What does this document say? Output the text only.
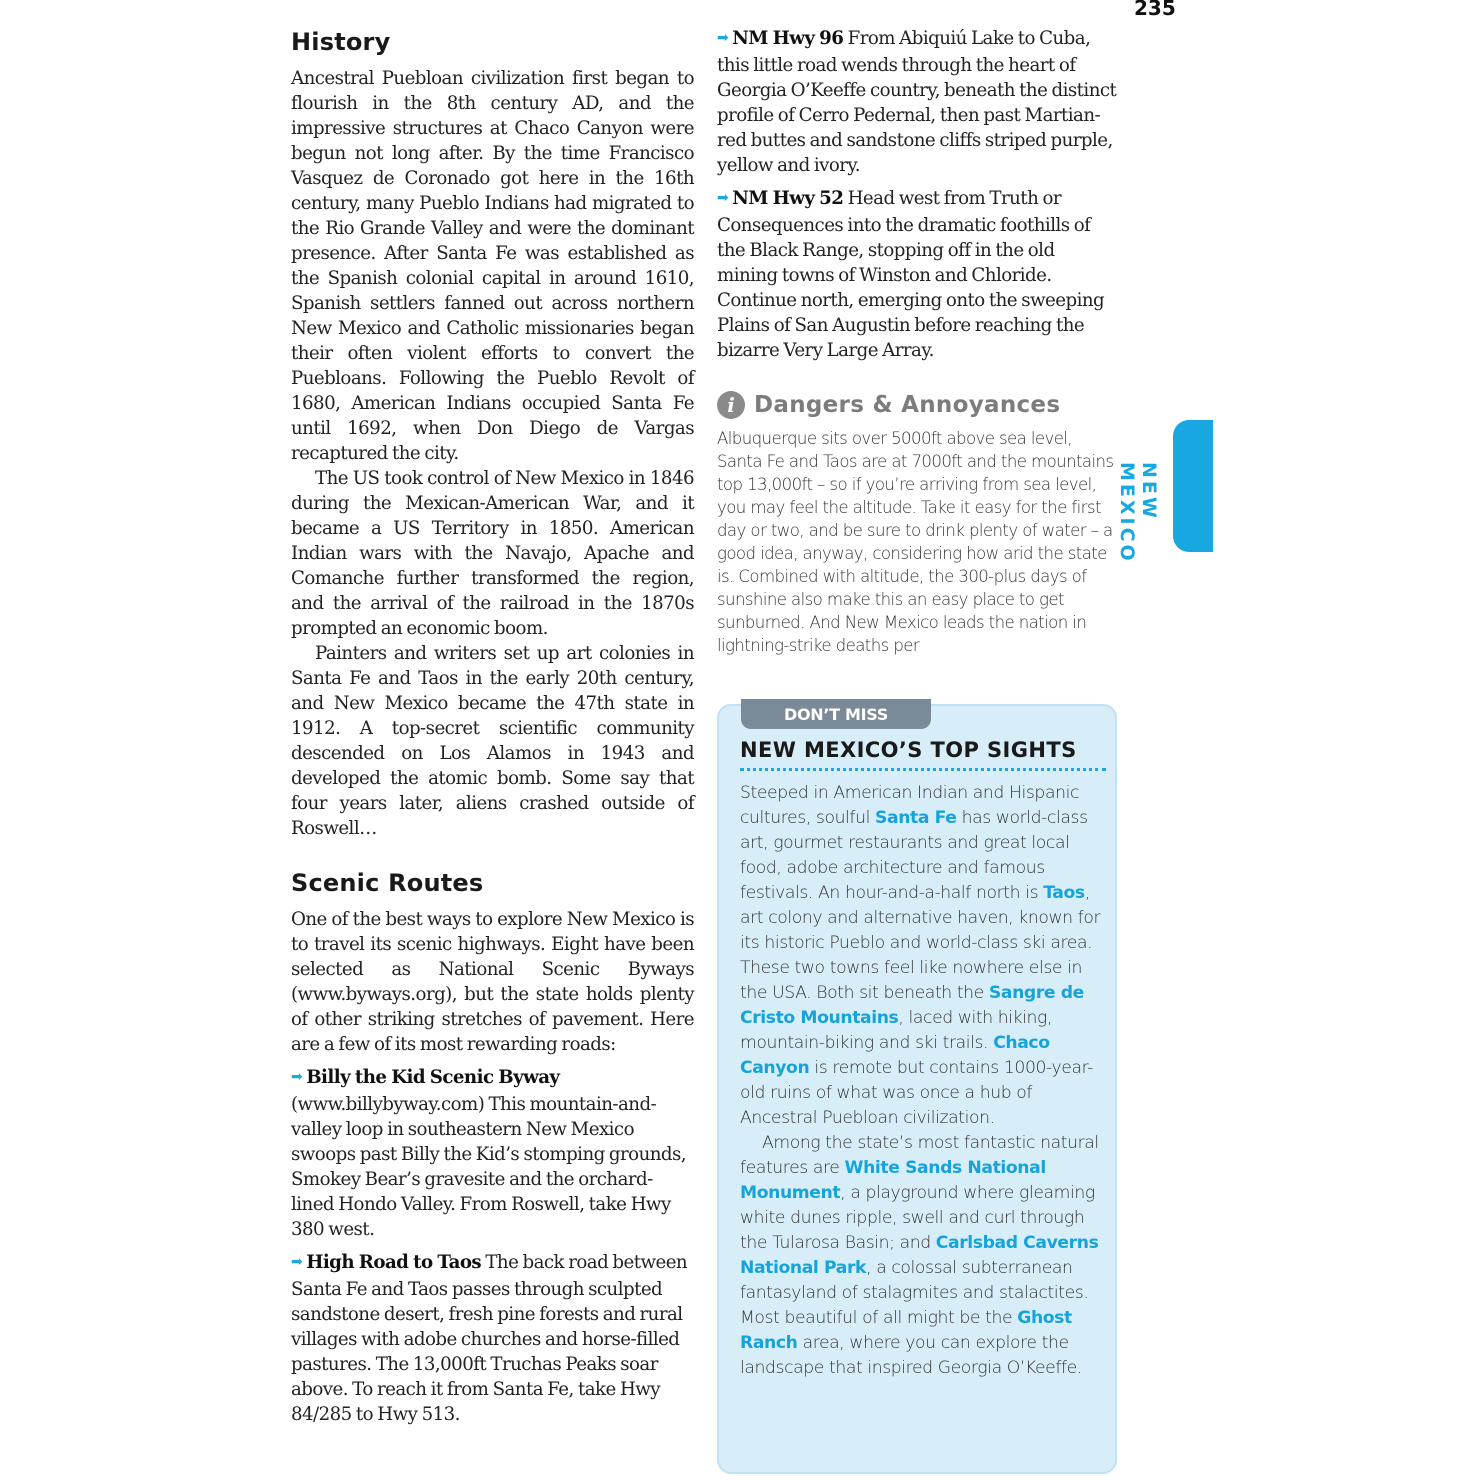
235
History

Ancestral Puebloan civilization first began to flourish in the 8th century AD, and the impressive structures at Chaco Canyon were begun not long after. By the time Francisco Vasquez de Coronado got here in the 16th century, many Pueblo Indians had migrated to the Rio Grande Valley and were the dominant presence. After Santa Fe was established as the Spanish colonial capital in around 1610, Spanish settlers fanned out across northern New Mexico and Catholic missionaries began their often violent efforts to convert the Puebloans. Following the Pueblo Revolt of 1680, American Indians occupied Santa Fe until 1692, when Don Diego de Vargas recaptured the city.

The US took control of New Mexico in 1846 during the Mexican-American War, and it became a US Territory in 1850. American Indian wars with the Navajo, Apache and Comanche further transformed the region, and the arrival of the railroad in the 1870s prompted an economic boom.

Painters and writers set up art colonies in Santa Fe and Taos in the early 20th century, and New Mexico became the 47th state in 1912. A top-secret scientific community descended on Los Alamos in 1943 and developed the atomic bomb. Some say that four years later, aliens crashed outside of Roswell…

Scenic Routes

One of the best ways to explore New Mexico is to travel its scenic highways. Eight have been selected as National Scenic Byways (www.byways.org), but the state holds plenty of other striking stretches of pavement. Here are a few of its most rewarding roads:

➡ Billy the Kid Scenic Byway (www.billybyway.com) This mountain-and-valley loop in southeastern New Mexico swoops past Billy the Kid’s stomping grounds, Smokey Bear’s gravesite and the orchard-lined Hondo Valley. From Roswell, take Hwy 380 west.

➡ High Road to Taos The back road between Santa Fe and Taos passes through sculpted sandstone desert, fresh pine forests and rural villages with adobe churches and horse-filled pastures. The 13,000ft Truchas Peaks soar above. To reach it from Santa Fe, take Hwy 84/285 to Hwy 513.

➡ NM Hwy 96 From Abiquiú Lake to Cuba, this little road wends through the heart of Georgia O’Keeffe country, beneath the distinct profile of Cerro Pedernal, then past Martian-red buttes and sandstone cliffs striped purple, yellow and ivory.

➡ NM Hwy 52 Head west from Truth or Consequences into the dramatic foothills of the Black Range, stopping off in the old mining towns of Winston and Chloride. Continue north, emerging onto the sweeping Plains of San Augustin before reaching the bizarre Very Large Array.

i Dangers & Annoyances

Albuquerque sits over 5000ft above sea level, Santa Fe and Taos are at 7000ft and the mountains top 13,000ft – so if you’re arriving from sea level, you may feel the altitude. Take it easy for the first day or two, and be sure to drink plenty of water – a good idea, anyway, considering how arid the state is. Combined with altitude, the 300-plus days of sunshine also make this an easy place to get sunburned. And New Mexico leads the nation in lightning-strike deaths per

NEW MEXICO
DON’T MISS
NEW MEXICO’S TOP SIGHTS

Steeped in American Indian and Hispanic cultures, soulful Santa Fe has world-class art, gourmet restaurants and great local food, adobe architecture and famous festivals. An hour-and-a-half north is Taos, art colony and alternative haven, known for its historic Pueblo and world-class ski area. These two towns feel like nowhere else in the USA. Both sit beneath the Sangre de Cristo Mountains, laced with hiking, mountain-biking and ski trails. Chaco Canyon is remote but contains 1000-year-old ruins of what was once a hub of Ancestral Puebloan civilization.

Among the state’s most fantastic natural features are White Sands National Monument, a playground where gleaming white dunes ripple, swell and curl through the Tularosa Basin; and Carlsbad Caverns National Park, a colossal subterranean fantasyland of stalagmites and stalactites. Most beautiful of all might be the Ghost Ranch area, where you can explore the landscape that inspired Georgia O’Keeffe.
